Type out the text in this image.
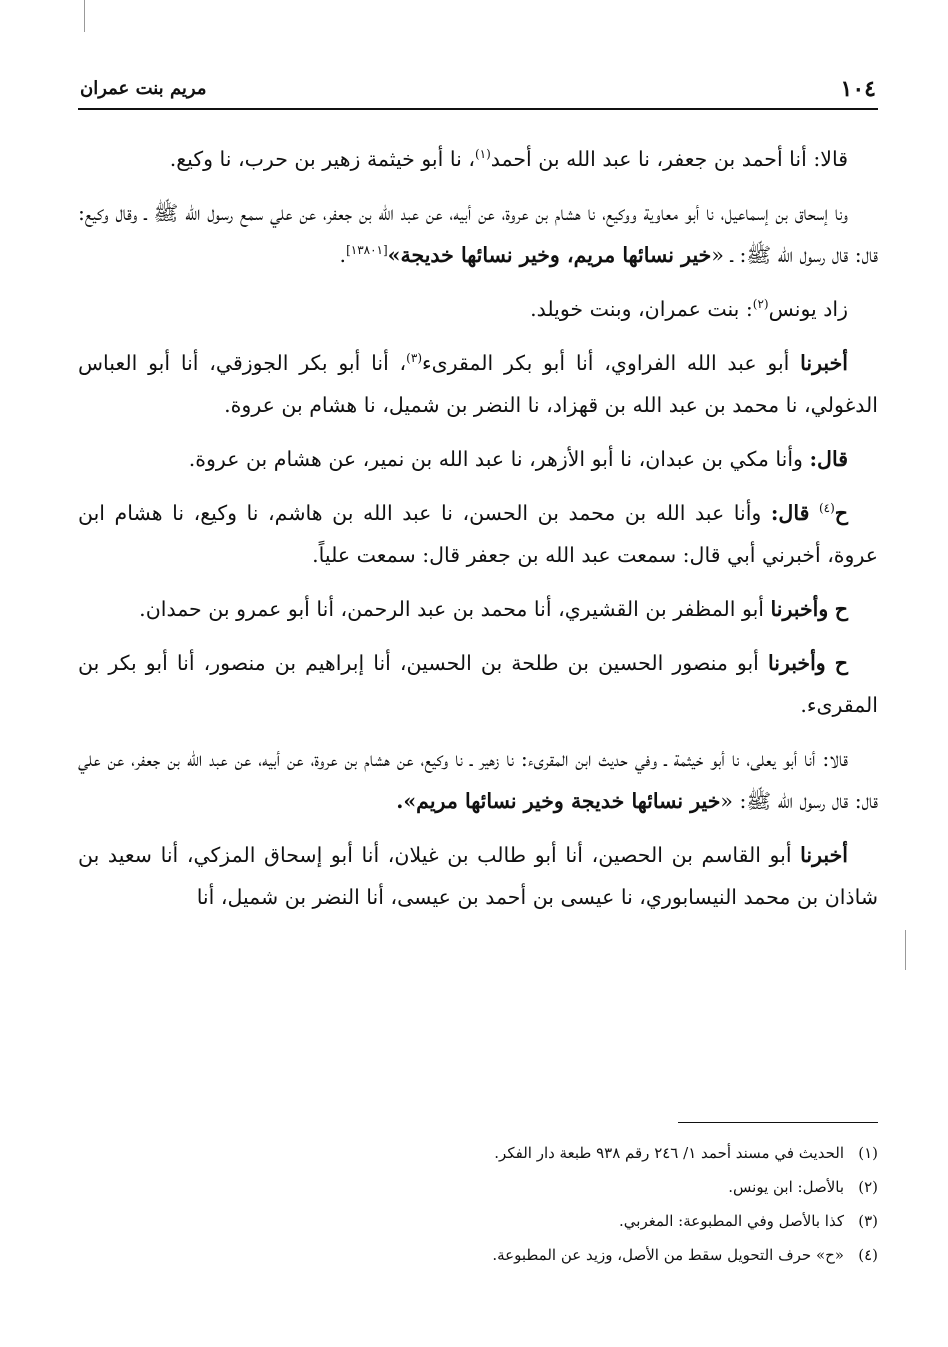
١٠٤
مريم بنت عمران

قالا: أنا أحمد بن جعفر، نا عبد الله بن أحمد$^{(١)}$، نا أبو خيثمة زهير بن حرب، نا وكيع.

ونا إسحاق بن إسماعيل، نا أبو معاوية ووكيع، نا هشام بن عروة، عن أبيه، عن عبد الله بن جعفر، عن علي سمع رسول الله ﷺ ـ وقال وكيع: قال: قال رسول الله ﷺ: ـ «خير نسائها مريم، وخير نسائها خديجة»[١٣٨٠١].

زاد يونس$^{(٢)}$: بنت عمران، وبنت خويلد.

أخبرنا أبو عبد الله الفراوي، أنا أبو بكر المقرىء$^{(٣)}$، أنا أبو بكر الجوزقي، أنا أبو العباس الدغولي، نا محمد بن عبد الله بن قهزاد، نا النضر بن شميل، نا هشام بن عروة.

قال: وأنا مكي بن عبدان، نا أبو الأزهر، نا عبد الله بن نمير، عن هشام بن عروة.

ح$^{(٤)}$ قال: وأنا عبد الله بن محمد بن الحسن، نا عبد الله بن هاشم، نا وكيع، نا هشام ابن عروة، أخبرني أبي قال: سمعت عبد الله بن جعفر قال: سمعت علياً.

ح وأخبرنا أبو المظفر بن القشيري، أنا محمد بن عبد الرحمن، أنا أبو عمرو بن حمدان.

ح وأخبرنا أبو منصور الحسين بن طلحة بن الحسين، أنا إبراهيم بن منصور، أنا أبو بكر بن المقرىء.

قالا: أنا أبو يعلى، نا أبو خيثمة ـ وفي حديث ابن المقرىء: نا زهير ـ نا وكيع، عن هشام بن عروة، عن أبيه، عن عبد الله بن جعفر، عن علي قال: قال رسول الله ﷺ: «خير نسائها خديجة وخير نسائها مريم».

أخبرنا أبو القاسم بن الحصين، أنا أبو طالب بن غيلان، أنا أبو إسحاق المزكي، أنا سعيد بن شاذان بن محمد النيسابوري، نا عيسى بن أحمد بن عيسى، أنا النضر بن شميل، أنا

(١)الحديث في مسند أحمد ١/ ٢٤٦ رقم ٩٣٨ طبعة دار الفكر.

(٢)بالأصل: ابن يونس.

(٣)كذا بالأصل وفي المطبوعة: المغربي.

(٤)«ح» حرف التحويل سقط من الأصل، وزيد عن المطبوعة.
